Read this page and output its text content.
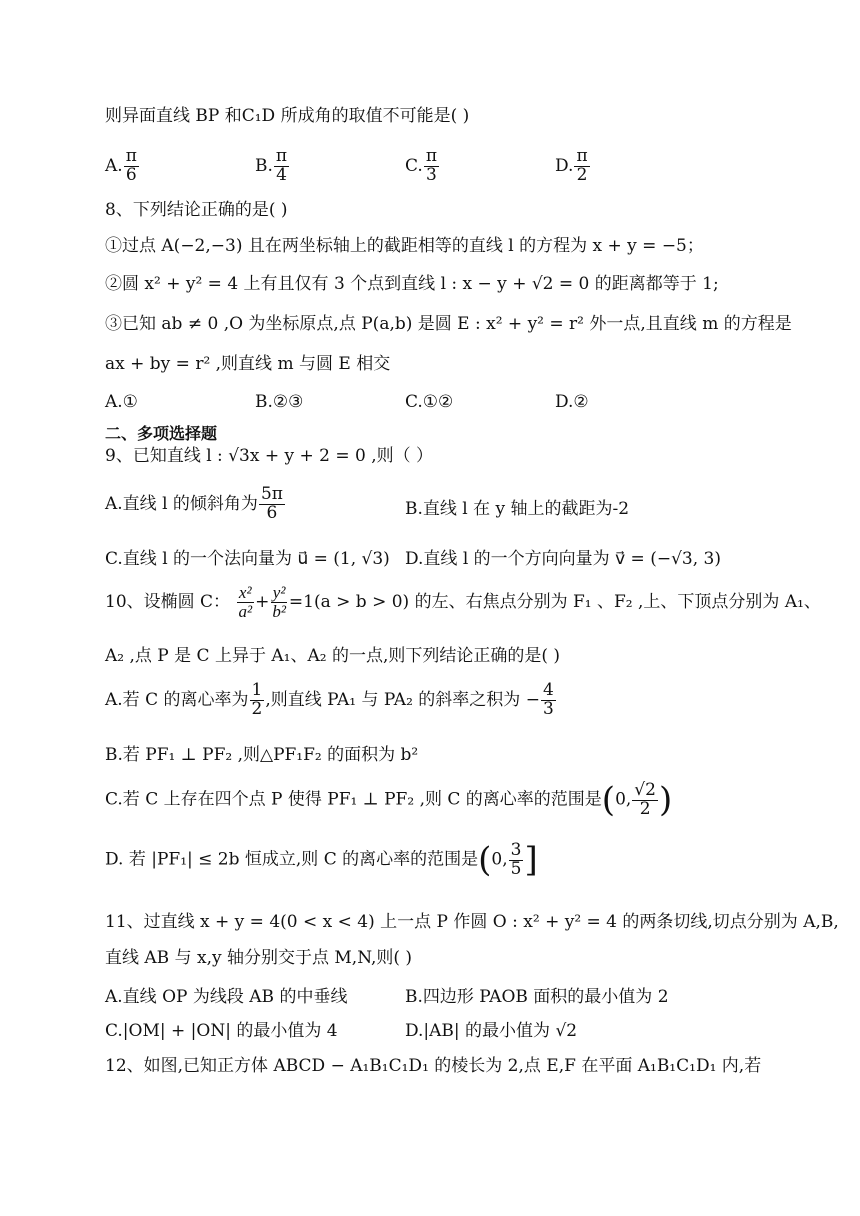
则异面直线 BP 和C₁D 所成角的取值不可能是( )
A. $\frac{\pi}{6}$	B. $\frac{\pi}{4}$	C. $\frac{\pi}{3}$	D. $\frac{\pi}{2}$
8、下列结论正确的是( )
①过点 A(−2,−3) 且在两坐标轴上的截距相等的直线 l 的方程为 x + y = −5；
②圆 x² + y² = 4 上有且仅有 3 个点到直线 l : x − y + √2 = 0 的距离都等于 1;
③已知 ab ≠ 0 ,O 为坐标原点,点 P(a,b) 是圆 E : x² + y² = r² 外一点,且直线 m 的方程是
ax + by = r² ,则直线 m 与圆 E 相交
A.①	B.②③	C.①②	D.②
二、多项选择题
9、已知直线 l : √3x + y + 2 = 0 ,则（ ）
A.直线 l 的倾斜角为 $\frac{5\pi}{6}$	B.直线 l 在 y 轴上的截距为-2
C.直线 l 的一个法向量为 u⃗ = (1, √3) D.直线 l 的一个方向向量为 v⃗ = (−√3, 3)
10、设椭圆 C： $\frac{\text{x²}}{\text{a²}} + \frac{\text{y²}}{\text{b²}} =1(a > b > 0)$ 的左、右焦点分别为 F₁ 、F₂ ,上、下顶点分别为 A₁、
A₂ ,点 P 是 C 上异于 A₁、A₂ 的一点,则下列结论正确的是( )
A.若 C 的离心率为 $\frac{1}{2}$ ,则直线 PA₁ 与 PA₂ 的斜率之积为 − $\frac{4}{3}$
B.若 PF₁ ⊥ PF₂ ,则△PF₁F₂ 的面积为 b²
C.若 C 上存在四个点 P 使得 PF₁ ⊥ PF₂ ,则 C 的离心率的范围是(0, $\frac{√2}{2}$ )
D. 若 |PF₁| ≤ 2b 恒成立,则 C 的离心率的范围是(0, $\frac{3}{5}$ ]
11、过直线 x + y = 4(0 < x < 4) 上一点 P 作圆 O : x² + y² = 4 的两条切线,切点分别为 A,B,
直线 AB 与 x,y 轴分别交于点 M,N,则( )
A.直线 OP 为线段 AB 的中垂线	B.四边形 PAOB 面积的最小值为 2
C.|OM| + |ON| 的最小值为 4	D.|AB| 的最小值为 √2
12、如图,已知正方体 ABCD − A₁B₁C₁D₁ 的棱长为 2,点 E,F 在平面 A₁B₁C₁D₁ 内,若
